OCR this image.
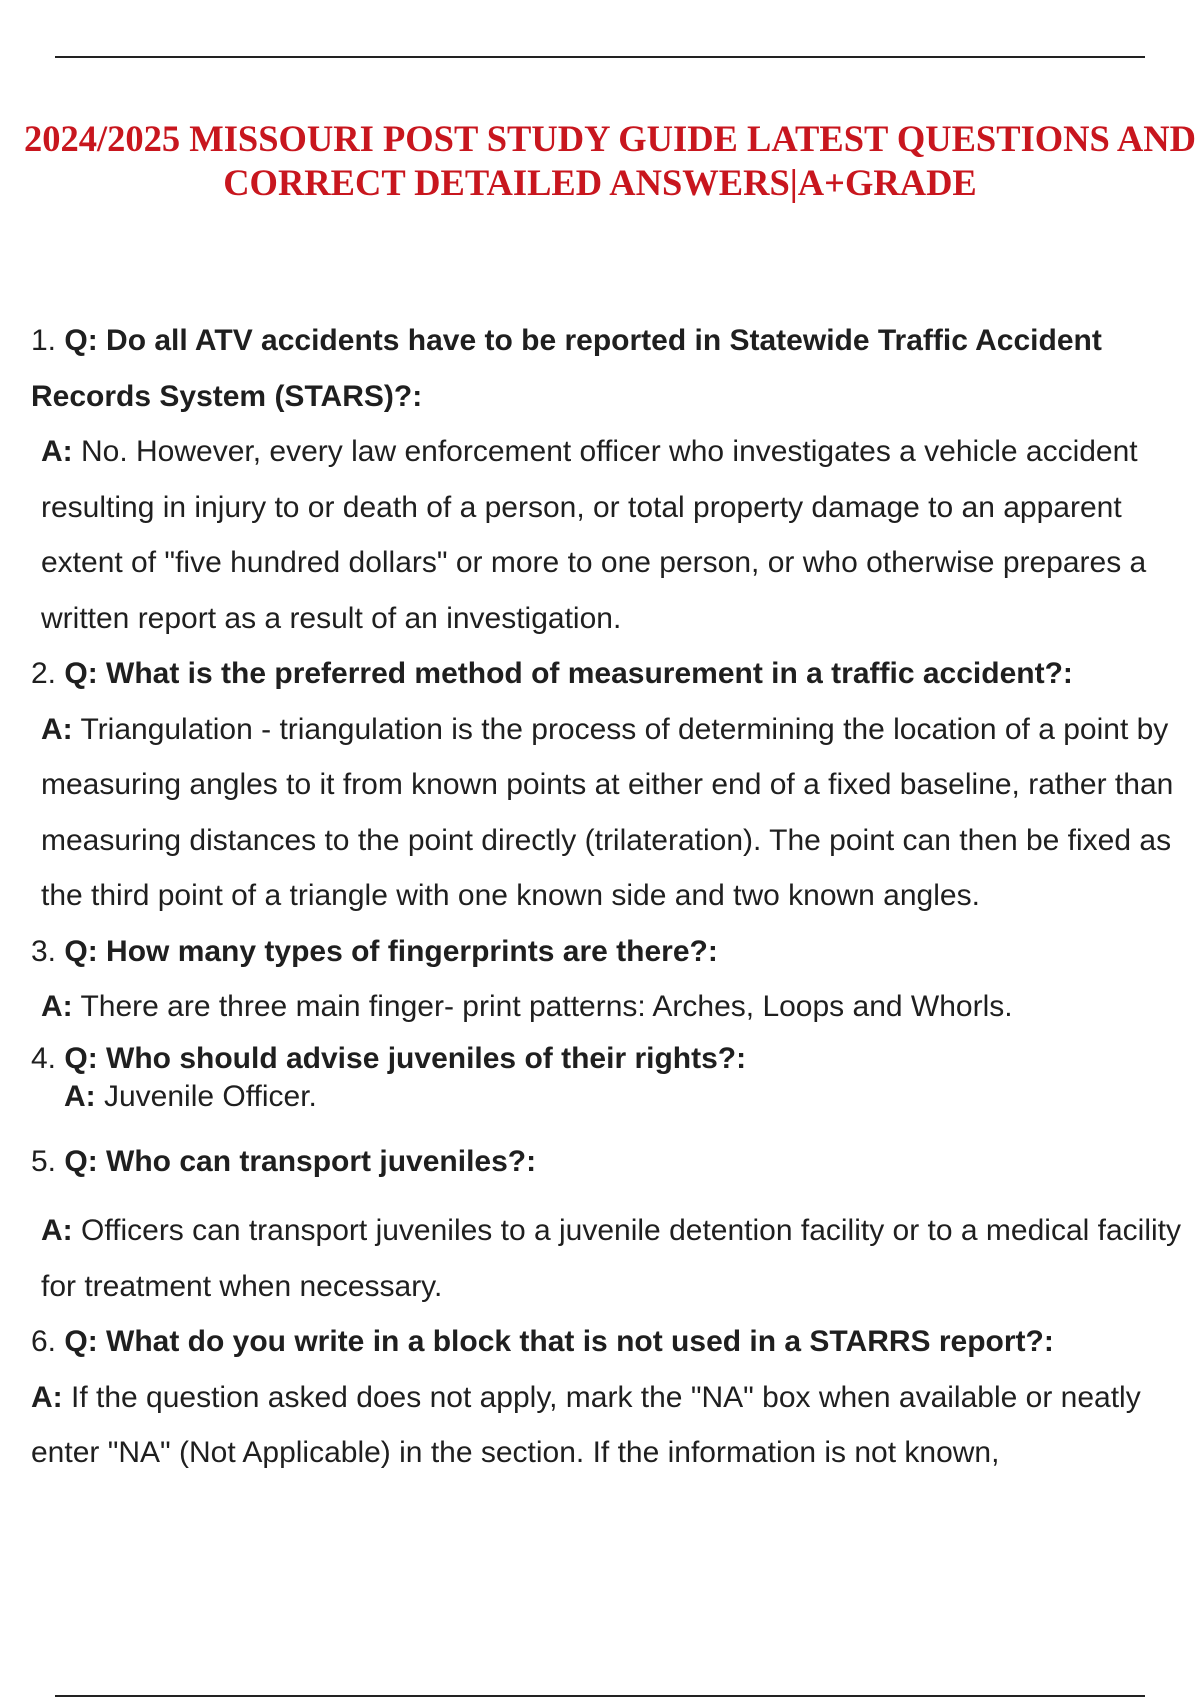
2024/2025 MISSOURI POST STUDY GUIDE LATEST QUESTIONS AND
CORRECT DETAILED ANSWERS|A+GRADE
1. Q: Do all ATV accidents have to be reported in Statewide Traffic Accident Records System (STARS)?:
A: No. However, every law enforcement officer who investigates a vehicle accident resulting in injury to or death of a person, or total property damage to an apparent extent of "five hundred dollars" or more to one person, or who otherwise prepares a written report as a result of an investigation.
2. Q: What is the preferred method of measurement in a traffic accident?:
A: Triangulation - triangulation is the process of determining the location of a point by measuring angles to it from known points at either end of a fixed baseline, rather than measuring distances to the point directly (trilateration). The point can then be fixed as the third point of a triangle with one known side and two known angles.
3. Q: How many types of fingerprints are there?:
A: There are three main finger- print patterns: Arches, Loops and Whorls.
4. Q: Who should advise juveniles of their rights?:
A: Juvenile Officer.
5. Q: Who can transport juveniles?:
A: Officers can transport juveniles to a juvenile detention facility or to a medical facility for treatment when necessary.
6. Q: What do you write in a block that is not used in a STARRS report?:
A: If the question asked does not apply, mark the "NA" box when available or neatly enter "NA" (Not Applicable) in the section. If the information is not known,
